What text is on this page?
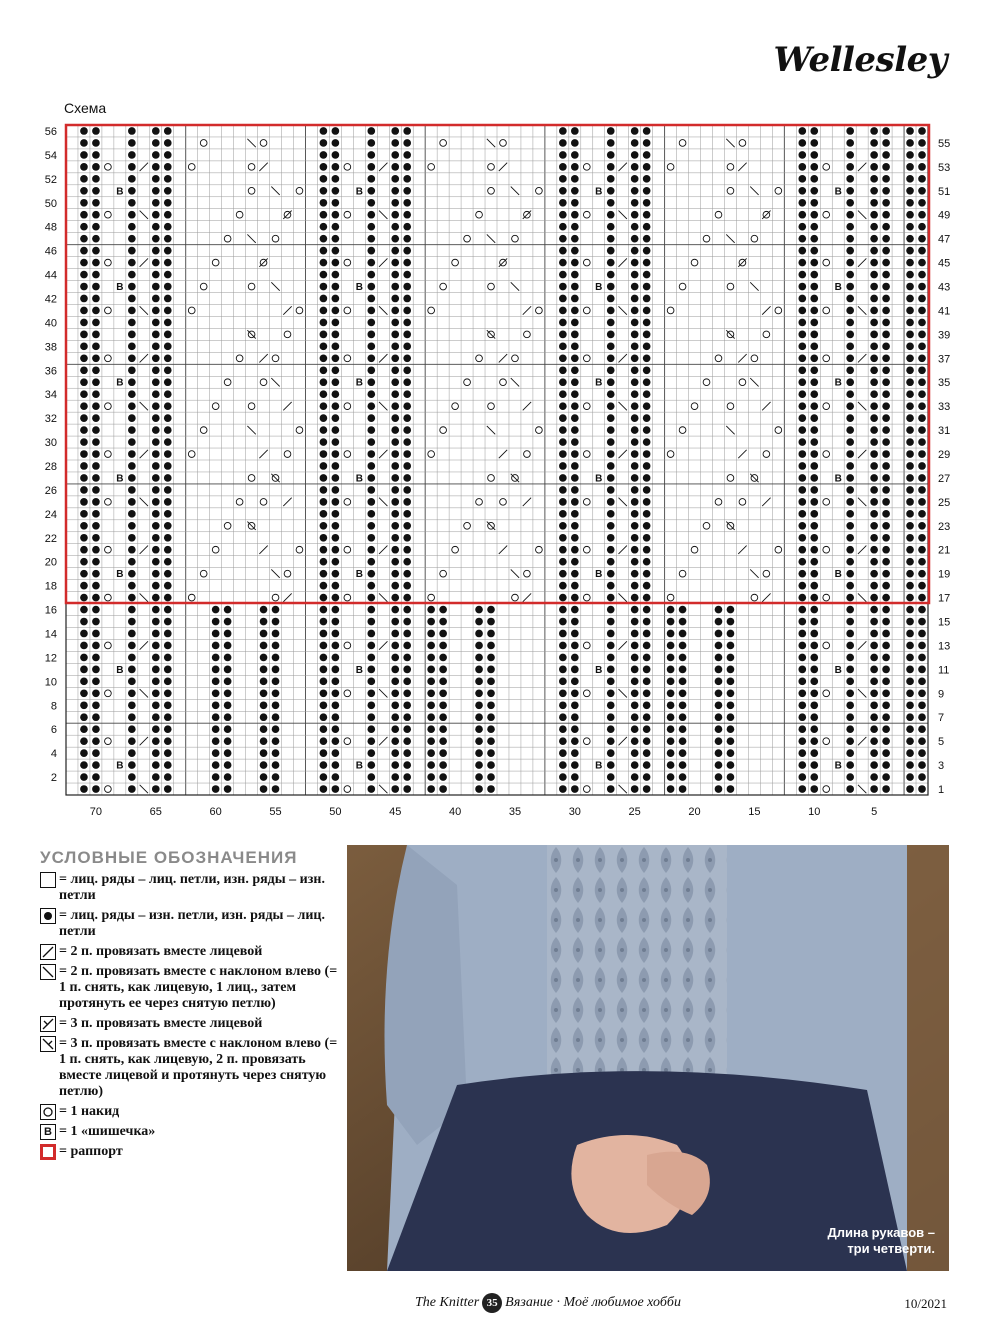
Wellesley
Схема
B	B	B	B
B	B	B	B
B	B	B	B
B	B	B	B
B	B	B	B
B	B	B	B
B	B	B	B
56
54
52
50
48
46
44
42
40
38
36
34
32
30
28
26
24
22
20
18
16
14
12
10
8
6
4
2
55
53
51
49
47
45
43
41
39
37
35
33
31
29
27
25
23
21
19
17
15
13
11
9
7
5
3
1
70	65	60	55	50	45	40	35	30	25	20	15	10	5
УСЛОВНЫЕ ОБОЗНАЧЕНИЯ
= лиц. ряды – лиц. петли, изн. ряды – изн. петли
= лиц. ряды – изн. петли, изн. ряды – лиц. петли
= 2 п. провязать вместе лицевой
= 2 п. провязать вместе с наклоном влево (= 1 п. снять, как лицевую, 1 лиц., затем протянуть ее через снятую петлю)
= 3 п. провязать вместе лицевой
= 3 п. провязать вместе с наклоном влево (= 1 п. снять, как лицевую, 2 п. провязать вместе лицевой и протянуть через снятую петлю)
= 1 накид
B = 1 «шишечка»
= раппорт
Длина рукавов –
три четверти.
The Knitter 35 Вязание · Моё любимое хобби	10/2021
